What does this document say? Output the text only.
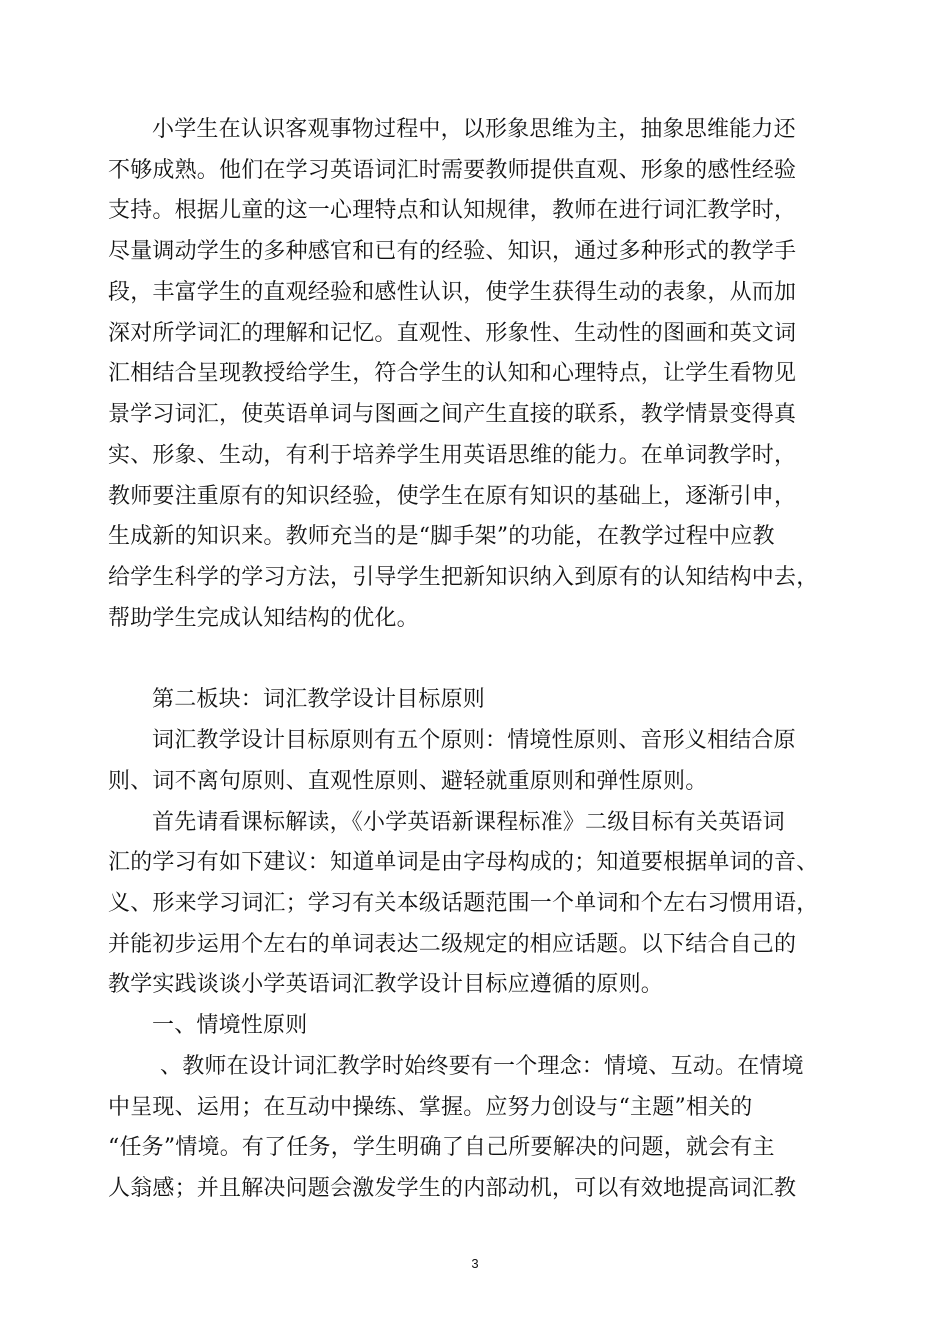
小学生在认识客观事物过程中，以形象思维为主，抽象思维能力还
不够成熟。他们在学习英语词汇时需要教师提供直观、形象的感性经验
支持。根据儿童的这一心理特点和认知规律，教师在进行词汇教学时，
尽量调动学生的多种感官和已有的经验、知识，通过多种形式的教学手
段，丰富学生的直观经验和感性认识，使学生获得生动的表象，从而加
深对所学词汇的理解和记忆。直观性、形象性、生动性的图画和英文词
汇相结合呈现教授给学生，符合学生的认知和心理特点，让学生看物见
景学习词汇，使英语单词与图画之间产生直接的联系，教学情景变得真
实、形象、生动，有利于培养学生用英语思维的能力。在单词教学时，
教师要注重原有的知识经验，使学生在原有知识的基础上，逐渐引申，
生成新的知识来。教师充当的是“脚手架”的功能，在教学过程中应教
给学生科学的学习方法，引导学生把新知识纳入到原有的认知结构中去，
帮助学生完成认知结构的优化。
第二板块：词汇教学设计目标原则
词汇教学设计目标原则有五个原则：情境性原则、音形义相结合原
则、词不离句原则、直观性原则、避轻就重原则和弹性原则。
首先请看课标解读，《小学英语新课程标准》二级目标有关英语词
汇的学习有如下建议：知道单词是由字母构成的；知道要根据单词的音、
义、形来学习词汇；学习有关本级话题范围一个单词和个左右习惯用语，
并能初步运用个左右的单词表达二级规定的相应话题。以下结合自己的
教学实践谈谈小学英语词汇教学设计目标应遵循的原则。
一、情境性原则
、教师在设计词汇教学时始终要有一个理念：情境、互动。在情境
中呈现、运用；在互动中操练、掌握。应努力创设与“主题”相关的
“任务”情境。有了任务，学生明确了自己所要解决的问题，就会有主
人翁感；并且解决问题会激发学生的内部动机，可以有效地提高词汇教
3
